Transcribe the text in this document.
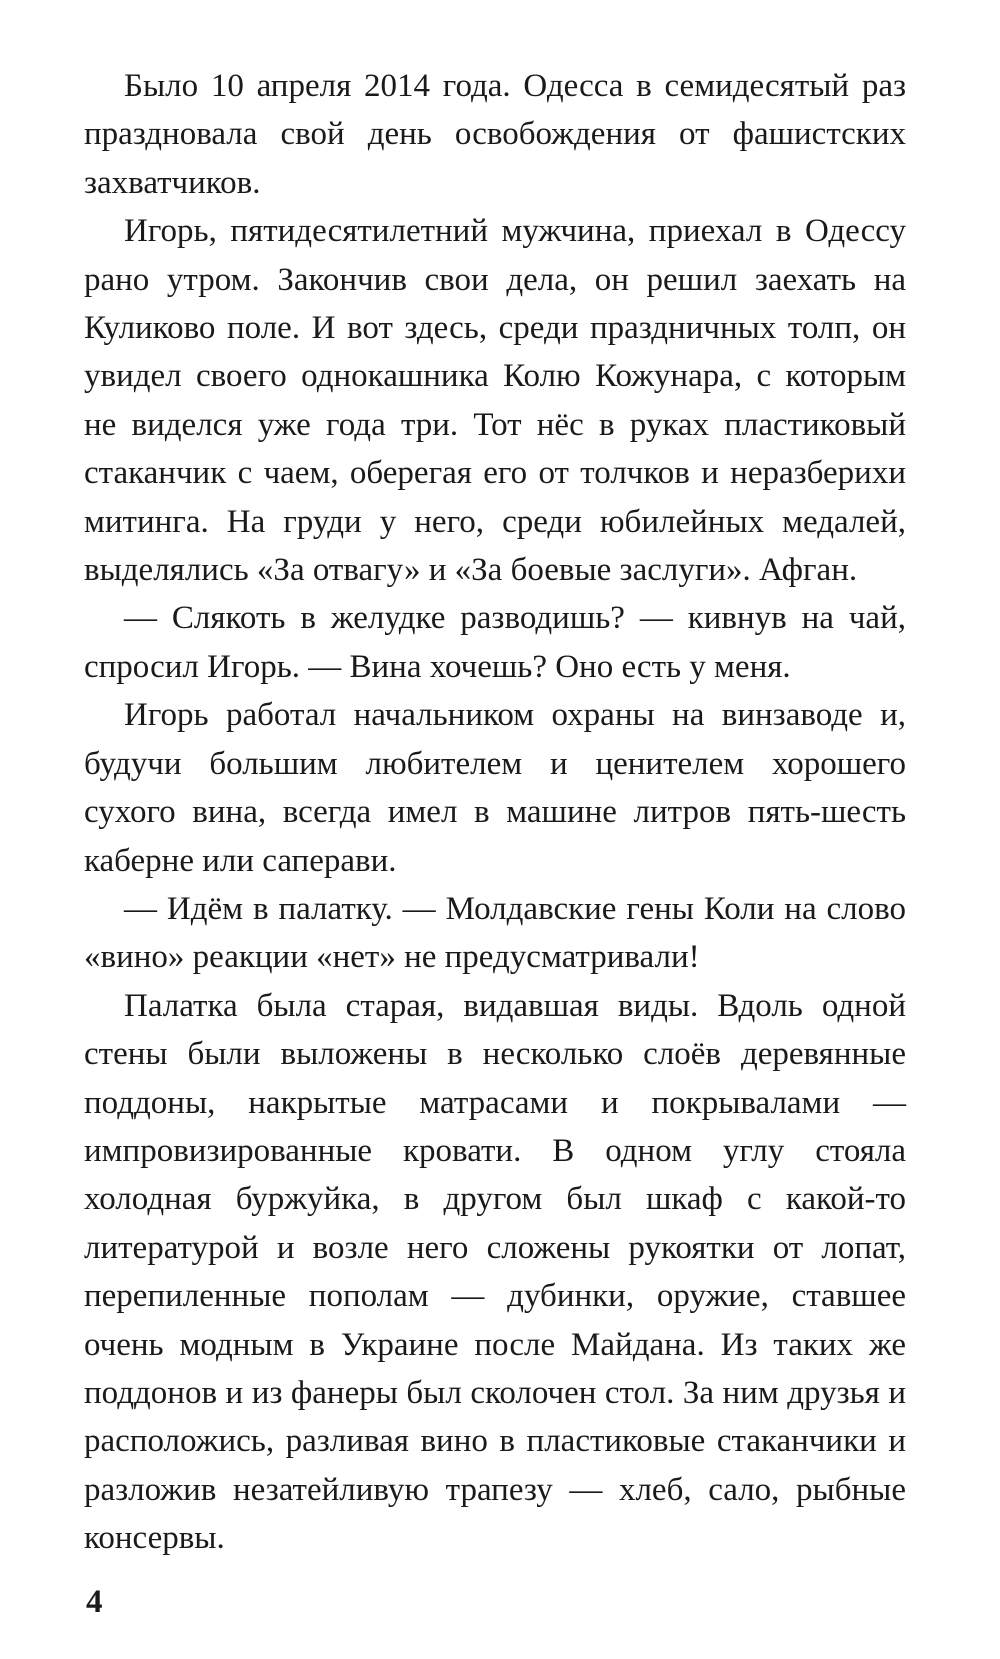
Было 10 апреля 2014 года. Одесса в семидесятый раз праздновала свой день освобождения от фашистских захватчиков.

Игорь, пятидесятилетний мужчина, приехал в Одессу рано утром. Закончив свои дела, он решил заехать на Куликово поле. И вот здесь, среди праздничных толп, он увидел своего однокашника Колю Кожунара, с которым не виделся уже года три. Тот нёс в руках пластиковый стаканчик с чаем, оберегая его от толчков и неразберихи митинга. На груди у него, среди юбилейных медалей, выделялись «За отвагу» и «За боевые заслуги». Афган.

— Слякоть в желудке разводишь? — кивнув на чай, спросил Игорь. — Вина хочешь? Оно есть у меня.

Игорь работал начальником охраны на винзаводе и, будучи большим любителем и ценителем хорошего сухого вина, всегда имел в машине литров пять-шесть каберне или саперави.

— Идём в палатку. — Молдавские гены Коли на слово «вино» реакции «нет» не предусматривали!

Палатка была старая, видавшая виды. Вдоль одной стены были выложены в несколько слоёв деревянные поддоны, накрытые матрасами и покрывалами — импровизированные кровати. В одном углу стояла холодная буржуйка, в другом был шкаф с какой-то литературой и возле него сложены рукоятки от лопат, перепиленные пополам — дубинки, оружие, ставшее очень модным в Украине после Майдана. Из таких же поддонов и из фанеры был сколочен стол. За ним друзья и расположись, разливая вино в пластиковые стаканчики и разложив незатейливую трапезу — хлеб, сало, рыбные консервы.

4
